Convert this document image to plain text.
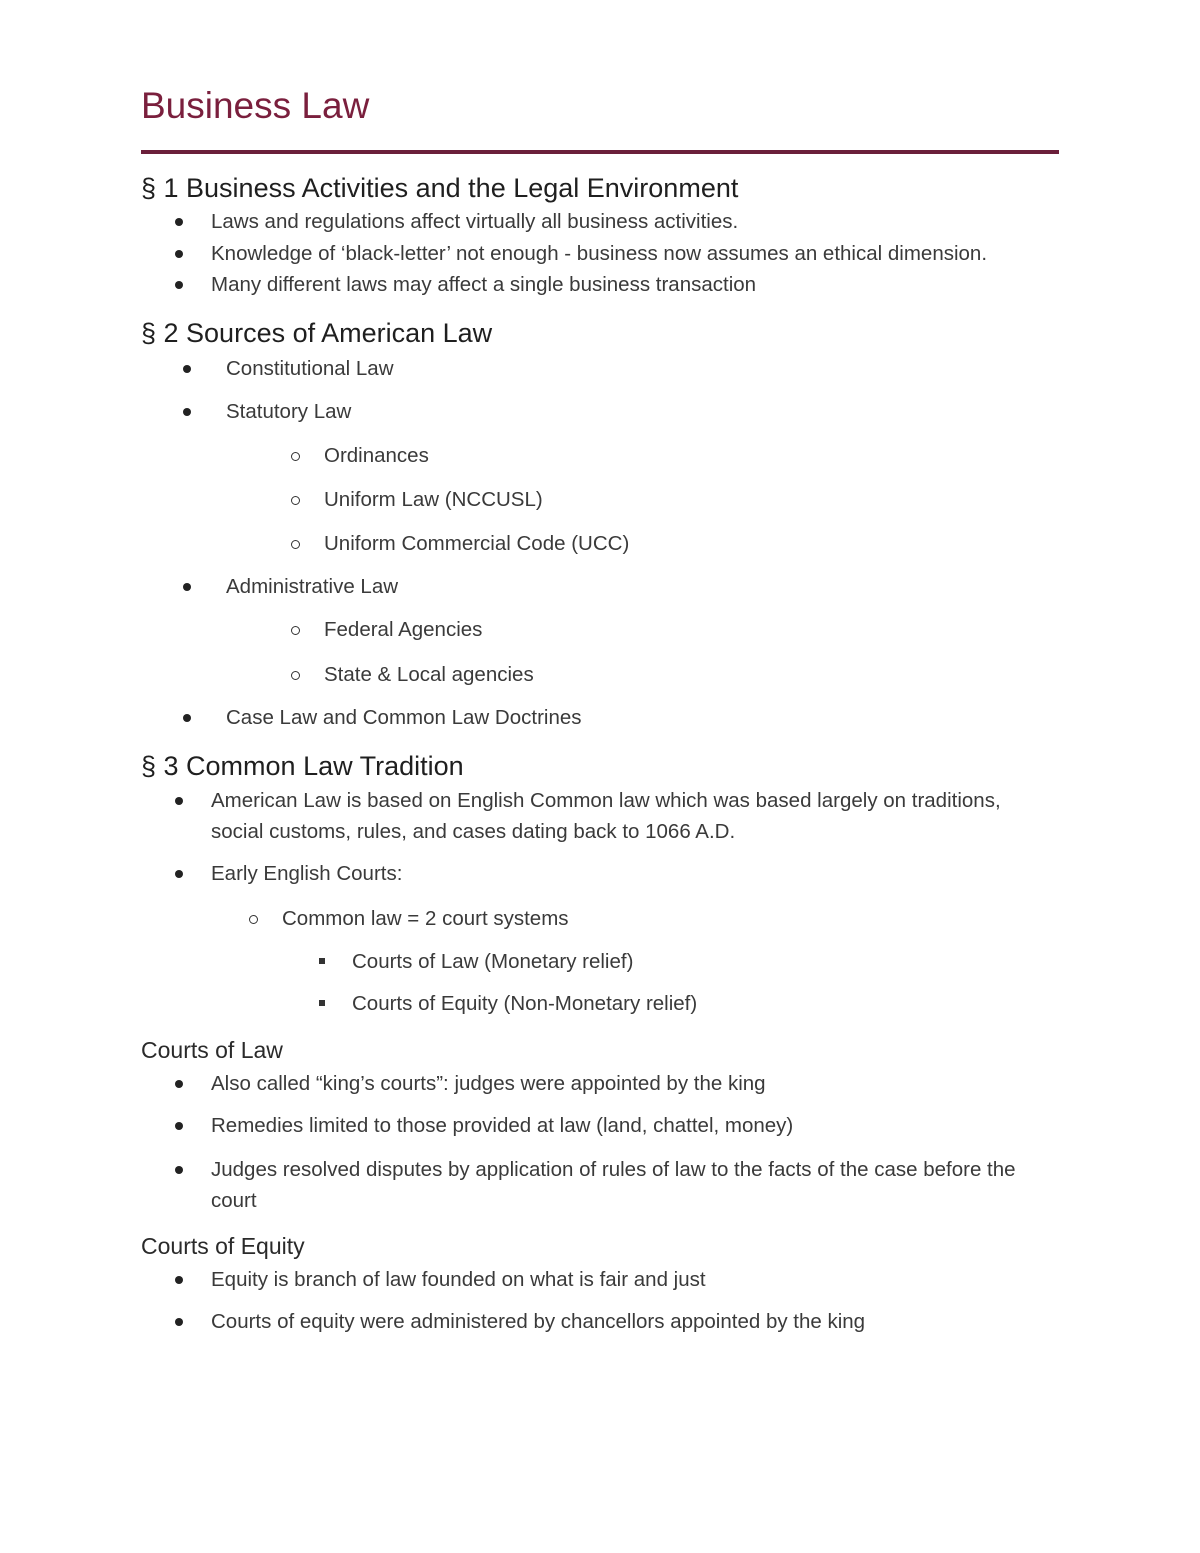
Business Law
§ 1 Business Activities and the Legal Environment
Laws and regulations affect virtually all business activities.
Knowledge of ‘black-letter’ not enough - business now assumes an ethical dimension.
Many different laws may affect a single business transaction
§ 2 Sources of American Law
Constitutional Law
Statutory Law
Ordinances
Uniform Law (NCCUSL)
Uniform Commercial Code (UCC)
Administrative Law
Federal Agencies
State & Local agencies
Case Law and Common Law Doctrines
§ 3 Common Law Tradition
American Law is based on English Common law which was based largely on traditions,
social customs, rules, and cases dating back to 1066 A.D.
Early English Courts:
Common law = 2 court systems
Courts of Law (Monetary relief)
Courts of Equity (Non-Monetary relief)
Courts of Law
Also called “king’s courts”: judges were appointed by the king
Remedies limited to those provided at law (land, chattel, money)
Judges resolved disputes by application of rules of law to the facts of the case before the
court
Courts of Equity
Equity is branch of law founded on what is fair and just
Courts of equity were administered by chancellors appointed by the king
